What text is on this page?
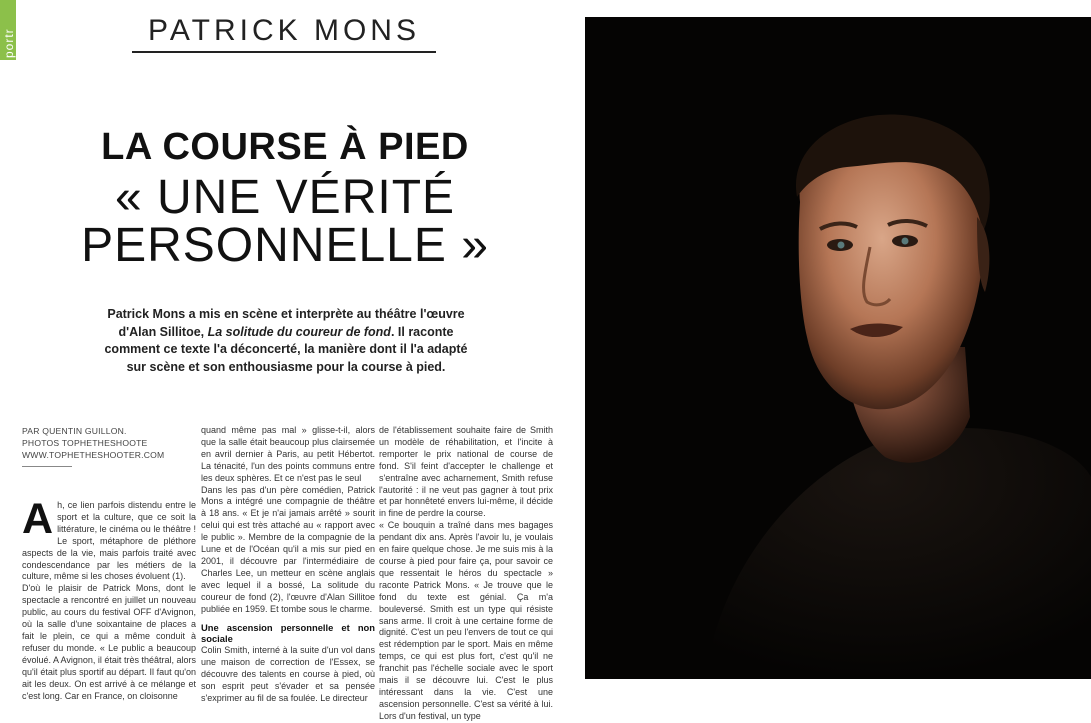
portr	PATRICK MONS
LA COURSE À PIED
« UNE VÉRITÉ
PERSONNELLE »
Patrick Mons a mis en scène et interprète au théâtre l'œuvre d'Alan Sillitoe, La solitude du coureur de fond. Il raconte comment ce texte l'a déconcerté, la manière dont il l'a adapté sur scène et son enthousiasme pour la course à pied.
PAR QUENTIN GUILLON.
PHOTOS TOPHETHESHOOTE
WWW.TOPHETHESHOOTER.COM

Ah, ce lien parfois distendu entre le sport et la culture, que ce soit la littérature, le cinéma ou le théâtre ! Le sport, métaphore de pléthore aspects de la vie, mais parfois traité avec condescendance par les métiers de la culture, même si les choses évoluent (1).

D'où le plaisir de Patrick Mons, dont le spectacle a rencontré en juillet un nouveau public, au cours du festival OFF d'Avignon, où la salle d'une soixantaine de places a fait le plein, ce qui a même conduit à refuser du monde. « Le public a beaucoup évolué. A Avignon, il était très théâtral, alors qu'il était plus sportif au départ. Il faut qu'on ait les deux. On est arrivé à ce mélange et c'est long. Car en France, on cloisonne

quand même pas mal » glisse-t-il, alors que la salle était beaucoup plus clairsemée en avril dernier à Paris, au petit Hébertot. La ténacité, l'un des points communs entre les deux sphères. Et ce n'est pas le seul

Dans les pas d'un père comédien, Patrick Mons a intégré une compagnie de théâtre à 18 ans. « Et je n'ai jamais arrêté » sourit celui qui est très attaché au « rapport avec le public ». Membre de la compagnie de la Lune et de l'Océan qu'il a mis sur pied en 2001, il découvre par l'intermédiaire de Charles Lee, un metteur en scène anglais avec lequel il a bossé, La solitude du coureur de fond (2), l'œuvre d'Alan Sillitoe publiée en 1959. Et tombe sous le charme.

Une ascension personnelle et non sociale

Colin Smith, interné à la suite d'un vol dans une maison de correction de l'Essex, se découvre des talents en course à pied, où son esprit peut s'évader et sa pensée s'exprimer au fil de sa foulée. Le directeur

de l'établissement souhaite faire de Smith un modèle de réhabilitation, et l'incite à remporter le prix national de course de fond. S'il feint d'accepter le challenge et s'entraîne avec acharnement, Smith refuse l'autorité : il ne veut pas gagner à tout prix et par honnêteté envers lui-même, il décide in fine de perdre la course.

« Ce bouquin a traîné dans mes bagages pendant dix ans. Après l'avoir lu, je voulais en faire quelque chose. Je me suis mis à la course à pied pour faire ça, pour savoir ce que ressentait le héros du spectacle » raconte Patrick Mons. « Je trouve que le fond du texte est génial. Ça m'a bouleversé. Smith est un type qui résiste sans arme. Il croit à une certaine forme de dignité. C'est un peu l'envers de tout ce qui est rédemption par le sport. Mais en même temps, ce qui est plus fort, c'est qu'il ne franchit pas l'échelle sociale avec le sport mais il se découvre lui. C'est le plus intéressant dans la vie. C'est une ascension personnelle. C'est sa vérité à lui. Lors d'un festival, un type
